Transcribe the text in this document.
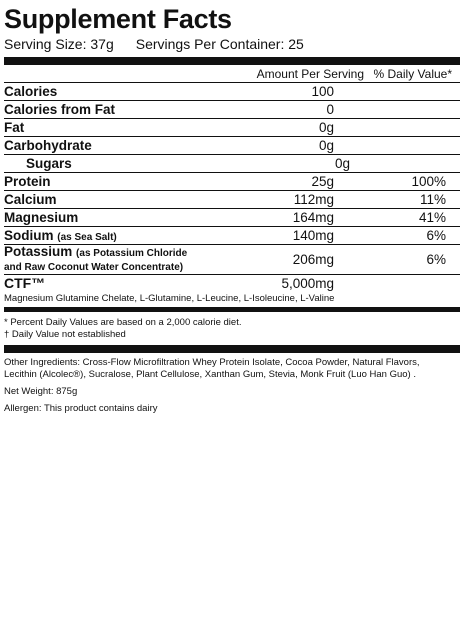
Supplement Facts
Serving Size: 37g Servings Per Container: 25
Amount Per Serving % Daily Value*
Calories	100
Calories from Fat	0
Fat	0g
Carbohydrate	0g
Sugars	0g
Protein	25g	100%
Calcium	112mg	11%
Magnesium	164mg	41%
Sodium (as Sea Salt)	140mg	6%
Potassium (as Potassium Chloride
and Raw Coconut Water Concentrate)	206mg	6%
CTF™	5,000mg
Magnesium Glutamine Chelate, L-Glutamine, L-Leucine, L-Isoleucine, L-Valine
* Percent Daily Values are based on a 2,000 calorie diet.
† Daily Value not established

Other Ingredients: Cross-Flow Microfiltration Whey Protein Isolate, Cocoa Powder, Natural Flavors,
Lecithin (Alcolec®), Sucralose, Plant Cellulose, Xanthan Gum, Stevia, Monk Fruit (Luo Han Guo) .

Net Weight: 875g

Allergen: This product contains dairy
